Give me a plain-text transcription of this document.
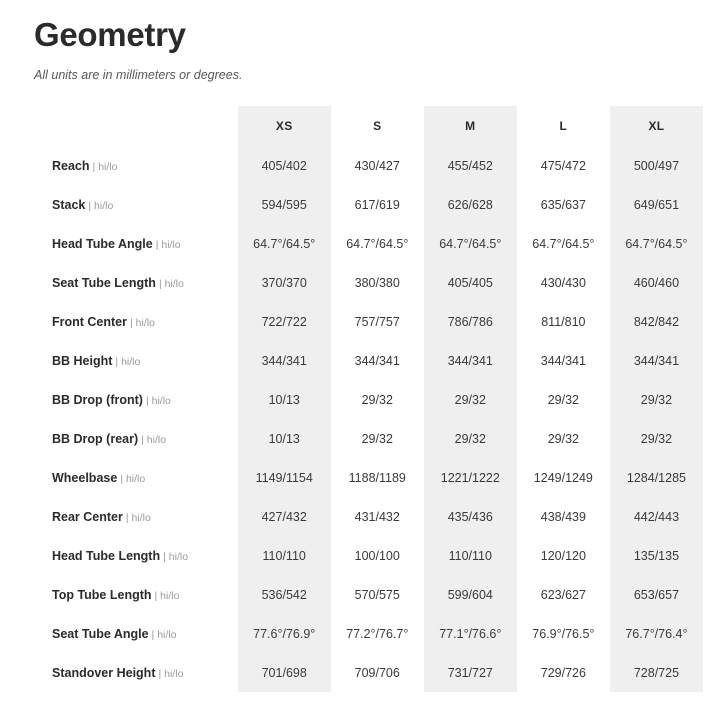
Geometry

All units are in millimeters or degrees.

	XS	S	M	L	XL
Reach | hi/lo	405/402	430/427	455/452	475/472	500/497
Stack | hi/lo	594/595	617/619	626/628	635/637	649/651
Head Tube Angle | hi/lo	64.7°/64.5°	64.7°/64.5°	64.7°/64.5°	64.7°/64.5°	64.7°/64.5°
Seat Tube Length | hi/lo	370/370	380/380	405/405	430/430	460/460
Front Center | hi/lo	722/722	757/757	786/786	811/810	842/842
BB Height | hi/lo	344/341	344/341	344/341	344/341	344/341
BB Drop (front) | hi/lo	10/13	29/32	29/32	29/32	29/32
BB Drop (rear) | hi/lo	10/13	29/32	29/32	29/32	29/32
Wheelbase | hi/lo	1149/1154	1188/1189	1221/1222	1249/1249	1284/1285
Rear Center | hi/lo	427/432	431/432	435/436	438/439	442/443
Head Tube Length | hi/lo	110/110	100/100	110/110	120/120	135/135
Top Tube Length | hi/lo	536/542	570/575	599/604	623/627	653/657
Seat Tube Angle | hi/lo	77.6°/76.9°	77.2°/76.7°	77.1°/76.6°	76.9°/76.5°	76.7°/76.4°
Standover Height | hi/lo	701/698	709/706	731/727	729/726	728/725
